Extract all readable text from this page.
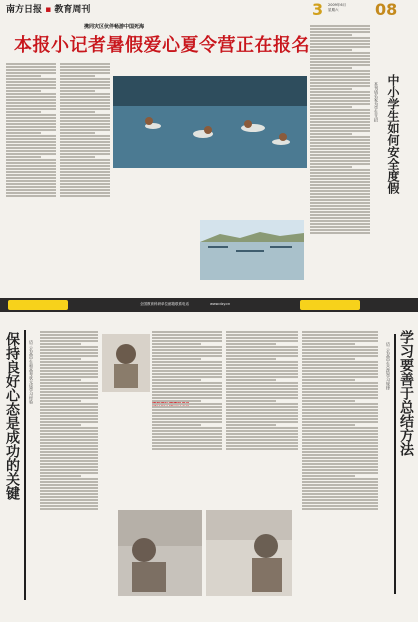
南方日报 ▪ 教育周刊	3 2009年6月
星期六	08
携同灾区伙伴畅游中国死海
本报小记者暑假爱心夏令营正在报名
中小学生如何安全度假
本刊请名家为学生支招
全国教育科研单位邮箱联系电话	www.dzy.cn
保持良好心态是成功的关键 访三名高中生和高考状元谈学习经验	学习要善于总结方法
访三名高中生总结学习规律
